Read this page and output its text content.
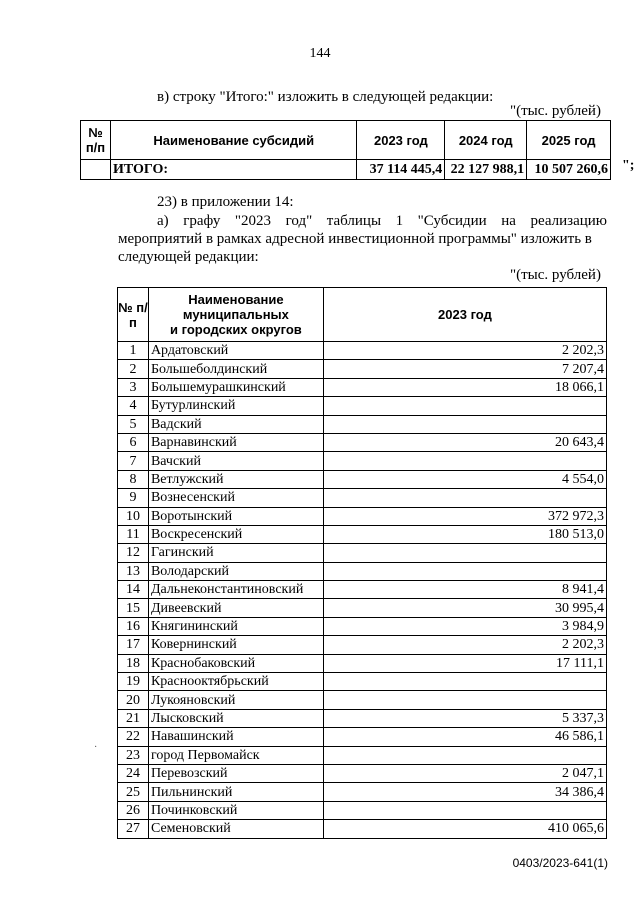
144
в) строку "Итого:" изложить в следующей редакции:
"(тыс. рублей)
№ п/п	Наименование субсидий	2023 год	2024 год	2025 год
	ИТОГО:	37 114 445,4	22 127 988,1	10 507 260,6 ";
23) в приложении 14:
а) графу "2023 год" таблицы 1 "Субсидии на реализацию
мероприятий в рамках адресной инвестиционной программы" изложить в
следующей редакции:
"(тыс. рублей)
№ п/п	Наименование
муниципальных
и городских округов	2023 год
1	Ардатовский	2 202,3
2	Большеболдинский	7 207,4
3	Большемурашкинский	18 066,1
4	Бутурлинский	
5	Вадский	
6	Варнавинский	20 643,4
7	Вачский	
8	Ветлужский	4 554,0
9	Вознесенский	
10	Воротынский	372 972,3
11	Воскресенский	180 513,0
12	Гагинский	
13	Володарский	
14	Дальнеконстантиновский	8 941,4
15	Дивеевский	30 995,4
16	Княгининский	3 984,9
17	Ковернинский	2 202,3
18	Краснобаковский	17 111,1
19	Краснооктябрьский	
20	Лукояновский	
21	Лысковский	5 337,3
22	Навашинский	46 586,1
23	город Первомайск	
24	Перевозский	2 047,1
25	Пильнинский	34 386,4
26	Починковский	
27	Семеновский	410 065,6
·
0403/2023-641(1)
